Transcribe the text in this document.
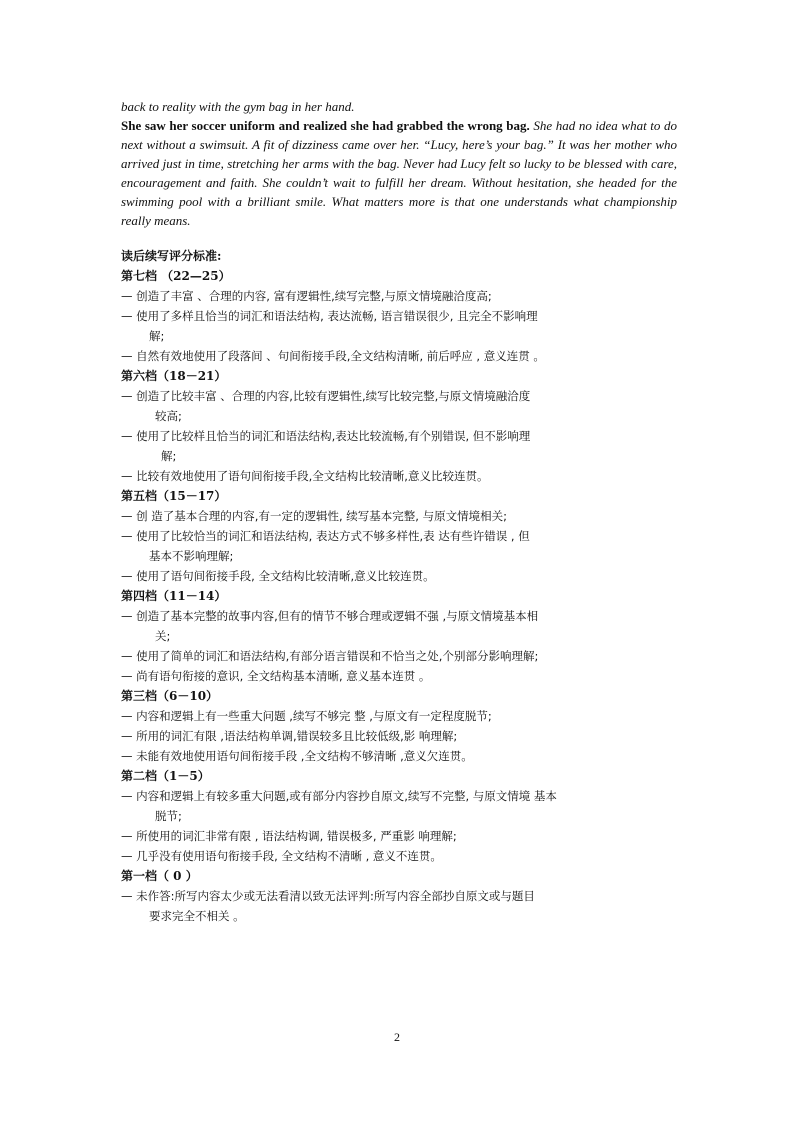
back to reality with the gym bag in her hand.
She saw her soccer uniform and realized she had grabbed the wrong bag. She had no idea what to do next without a swimsuit. A fit of dizziness came over her. “Lucy, here’s your bag.” It was her mother who arrived just in time, stretching her arms with the bag. Never had Lucy felt so lucky to be blessed with care, encouragement and faith. She couldn’t wait to fulfill her dream. Without hesitation, she headed for the swimming pool with a brilliant smile. What matters more is that one understands what championship really means.
读后续写评分标准:
第七档 （22—25）
— 创造了丰富 、合理的内容, 富有逻辑性,续写完整,与原文情境融洽度高;
— 使用了多样且恰当的词汇和语法结构, 表达流畅, 语言错误很少, 且完全不影响理
解;
— 自然有效地使用了段落间 、句间衔接手段,全文结构清晰, 前后呼应 , 意义连贯 。
第六档（18－21）
— 创造了比较丰富 、合理的内容,比较有逻辑性,续写比较完整,与原文情境融洽度
较高;
— 使用了比较样且恰当的词汇和语法结构,表达比较流畅,有个别错误, 但不影响理
解;
— 比较有效地使用了语句间衔接手段,全文结构比较清晰,意义比较连贯。
第五档（15－17）
— 创 造了基本合理的内容,有一定的逻辑性, 续写基本完整, 与原文情境相关;
— 使用了比较恰当的词汇和语法结构, 表达方式不够多样性,表 达有些许错误 , 但
基本不影响理解;
— 使用了语句间衔接手段, 全文结构比较清晰,意义比较连贯。
第四档（11－14）
— 创造了基本完整的故事内容,但有的情节不够合理或逻辑不强 ,与原文情境基本相
关;
— 使用了简单的词汇和语法结构,有部分语言错误和不恰当之处,个别部分影响理解;
— 尚有语句衔接的意识, 全文结构基本清晰, 意义基本连贯 。
第三档（6－10）
— 内容和逻辑上有一些重大问题 ,续写不够完 整 ,与原文有一定程度脱节;
— 所用的词汇有限 ,语法结构单调,错误较多且比较低级,影 响理解;
— 未能有效地使用语句间衔接手段 ,全文结构不够清晰 ,意义欠连贯。
第二档（1－5）
— 内容和逻辑上有较多重大问题,或有部分内容抄自原文,续写不完整, 与原文情境 基本
脱节;
— 所使用的词汇非常有限 , 语法结构调, 错误极多, 严重影 响理解;
— 几乎没有使用语句衔接手段, 全文结构不清晰 , 意义不连贯。
第一档（ 0 ）
— 未作答:所写内容太少或无法看清以致无法评判:所写内容全部抄自原文或与题目
要求完全不相关 。
2
